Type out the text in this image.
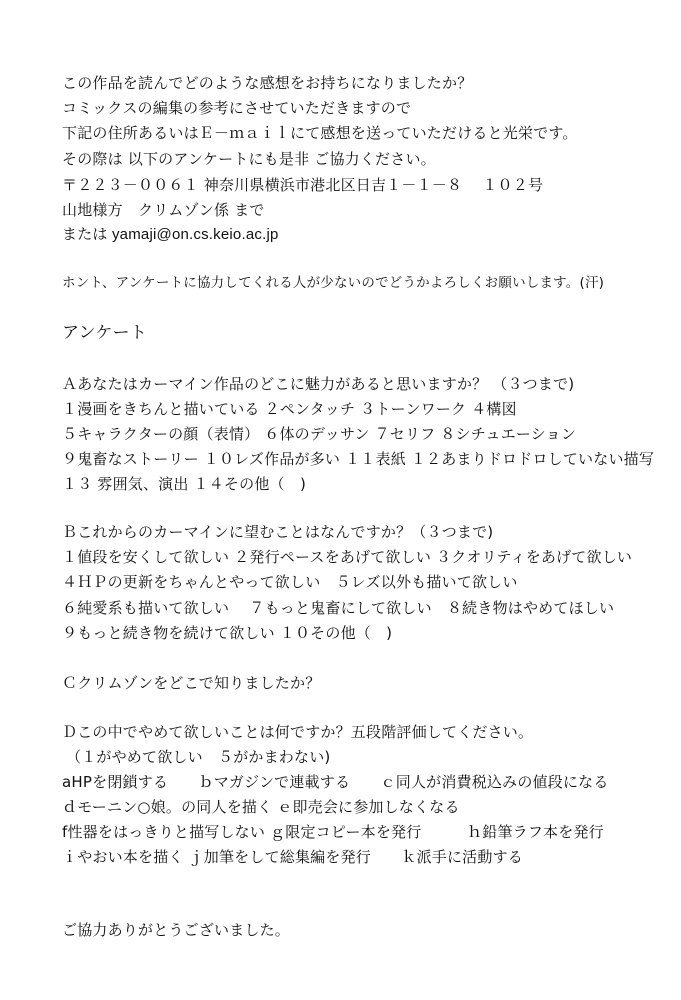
この作品を読んでどのような感想をお持ちになりましたか？
コミックスの編集の参考にさせていただきますので
下記の住所あるいはＥ－ｍａｉｌにて感想を送っていただけると光栄です。
その際は 以下のアンケートにも是非 ご協力ください。
〒２２３－００６１ 神奈川県横浜市港北区日吉１－１－８　 １０２号
山地様方　クリムゾン係 まで
または yamaji@on.cs.keio.ac.jp
ホント、アンケートに協力してくれる人が少ないのでどうかよろしくお願いします。(汗)
アンケート
Ａあなたはカーマイン作品のどこに魅力があると思いますか？ （３つまで)
１漫画をきちんと描いている ２ペンタッチ ３トーンワーク ４構図
５キャラクターの顔（表情） ６体のデッサン ７セリフ ８シチュエーション
９鬼畜なストーリー １０レズ作品が多い １１表紙 １２あまりドロドロしていない描写
１３ 雰囲気、演出 １４その他（　)
Ｂこれからのカーマインに望むことはなんですか？（３つまで)
１値段を安くして欲しい ２発行ペースをあげて欲しい ３クオリティをあげて欲しい
４ＨＰの更新をちゃんとやって欲しい　５レズ以外も描いて欲しい
６純愛系も描いて欲しい　 ７もっと鬼畜にして欲しい　８続き物はやめてほしい
９もっと続き物を続けて欲しい １０その他（　)
Ｃクリムゾンをどこで知りましたか？
Ｄこの中でやめて欲しいことは何ですか？五段階評価してください。
（１がやめて欲しい　５がかまわない)
aHPを閉鎖する　　ｂマガジンで連載する　　ｃ同人が消費税込みの値段になる
ｄモーニン○娘。の同人を描く ｅ即売会に参加しなくなる
f性器をはっきりと描写しない ｇ限定コピー本を発行　　　ｈ鉛筆ラフ本を発行
ｉやおい本を描く ｊ加筆をして総集編を発行　　ｋ派手に活動する
ご協力ありがとうございました。
